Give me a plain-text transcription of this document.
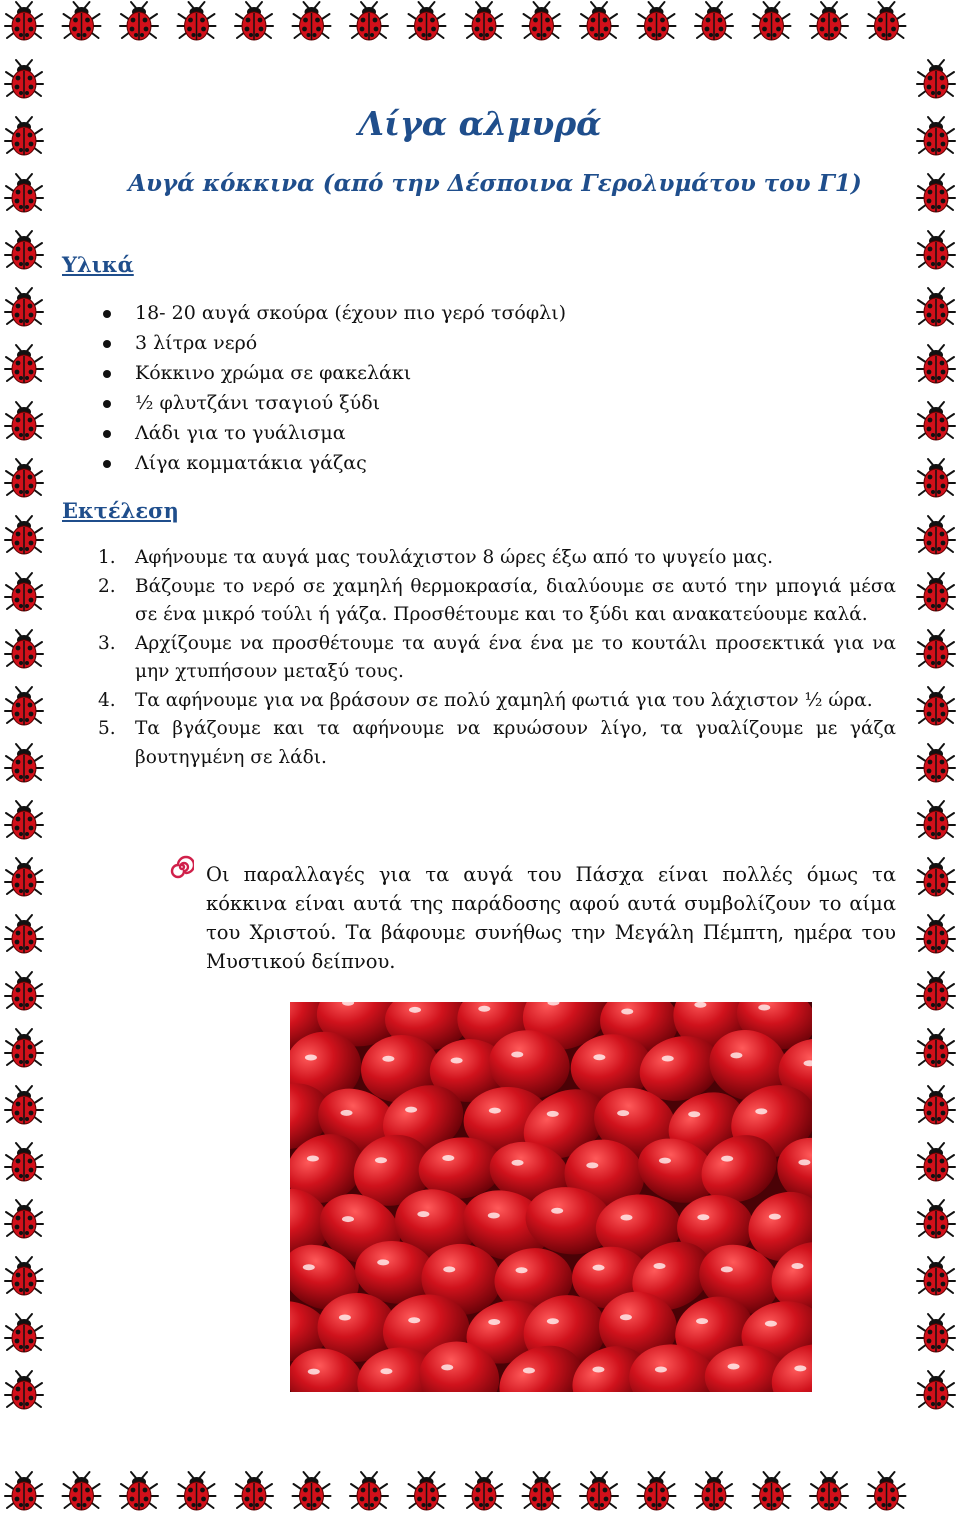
Λίγα αλμυρά
Αυγά κόκκινα (από την Δέσποινα Γερολυμάτου του Γ1)
Υλικά
18- 20 αυγά σκούρα (έχουν πιο γερό τσόφλι)
3 λίτρα νερό
Κόκκινο χρώμα σε φακελάκι
½ φλυτζάνι τσαγιού ξύδι
Λάδι για το γυάλισμα
Λίγα κομματάκια γάζας
Εκτέλεση
1. Αφήνουμε τα αυγά μας τουλάχιστον 8 ώρες έξω από το ψυγείο μας.
2. Βάζουμε το νερό σε χαμηλή θερμοκρασία, διαλύουμε σε αυτό την μπογιά μέσα σε ένα μικρό τούλι ή γάζα. Προσθέτουμε και το ξύδι και ανακατεύουμε καλά.
3. Αρχίζουμε να προσθέτουμε τα αυγά ένα ένα με το κουτάλι προσεκτικά για να μην χτυπήσουν μεταξύ τους.
4. Τα αφήνουμε για να βράσουν σε πολύ χαμηλή φωτιά για του λάχιστον ½ ώρα.
5. Τα βγάζουμε και τα αφήνουμε να κρυώσουν λίγο, τα γυαλίζουμε με γάζα βουτηγμένη σε λάδι.
Οι παραλλαγές για τα αυγά του Πάσχα είναι πολλές όμως τα κόκκινα είναι αυτά της παράδοσης αφού αυτά συμβολίζουν το αίμα του Χριστού. Τα βάφουμε συνήθως την Μεγάλη Πέμπτη, ημέρα του Μυστικού δείπνου.
